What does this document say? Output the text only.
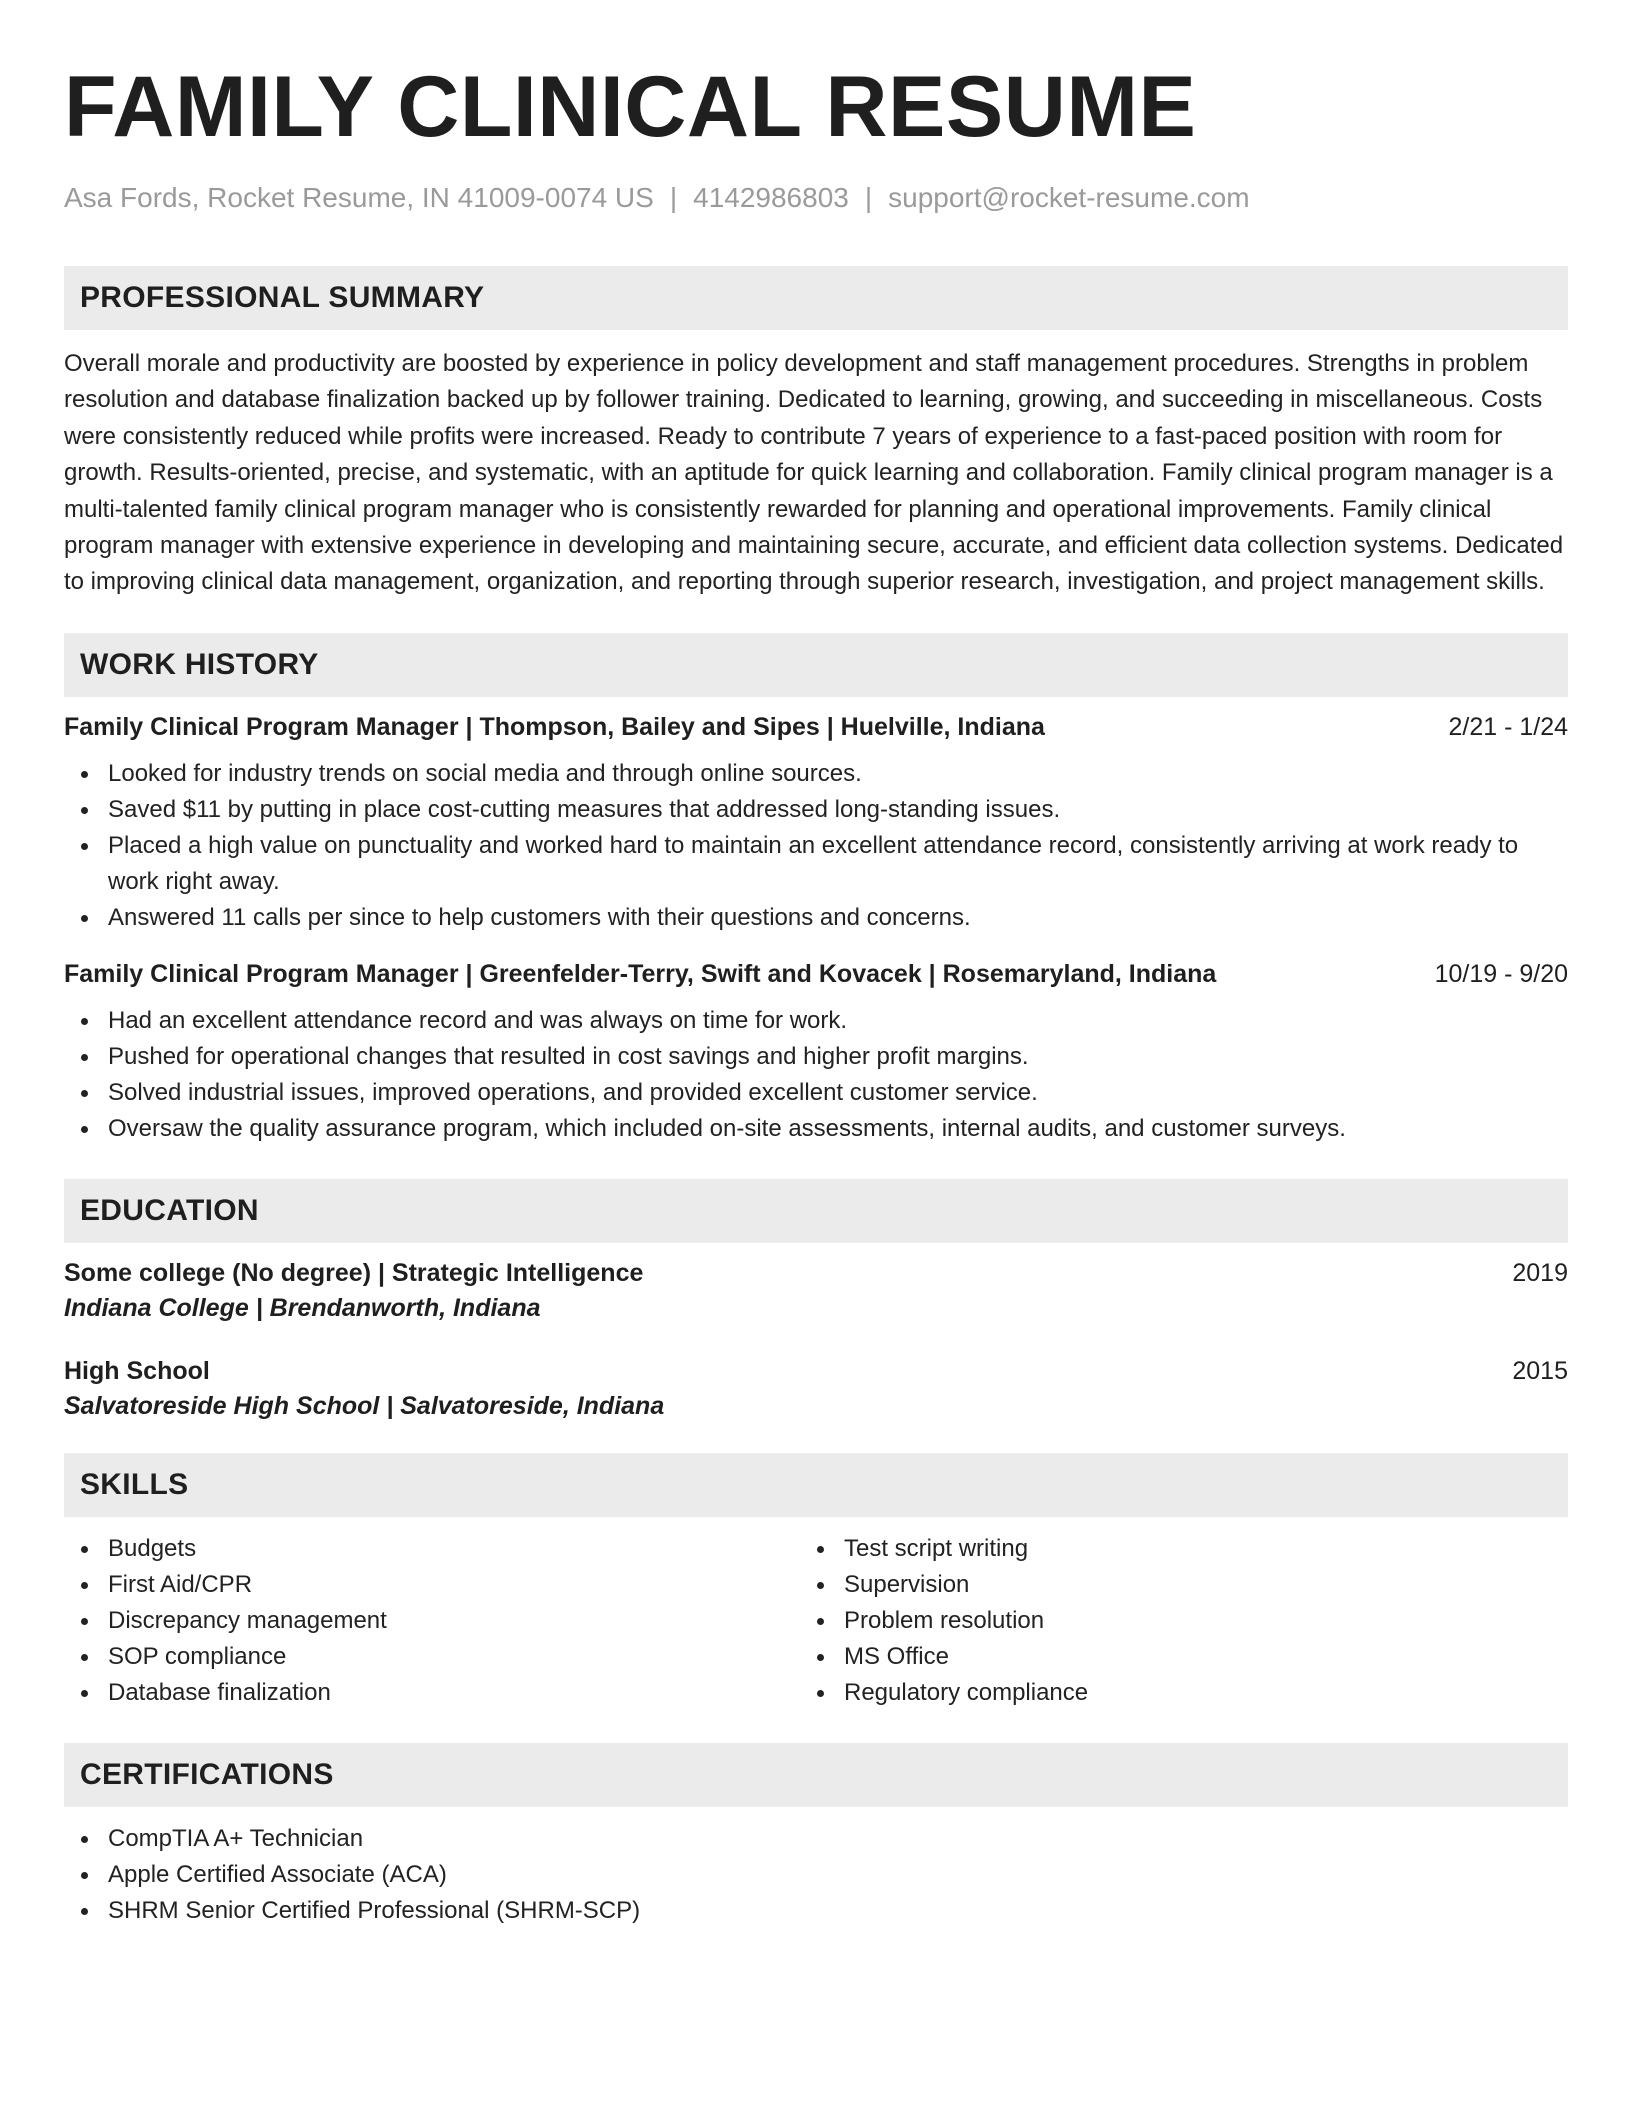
FAMILY CLINICAL RESUME
Asa Fords, Rocket Resume, IN 41009-0074 US | 4142986803 | support@rocket-resume.com
PROFESSIONAL SUMMARY

Overall morale and productivity are boosted by experience in policy development and staff management procedures. Strengths in problem resolution and database finalization backed up by follower training. Dedicated to learning, growing, and succeeding in miscellaneous. Costs were consistently reduced while profits were increased. Ready to contribute 7 years of experience to a fast-paced position with room for growth. Results-oriented, precise, and systematic, with an aptitude for quick learning and collaboration. Family clinical program manager is a multi-talented family clinical program manager who is consistently rewarded for planning and operational improvements. Family clinical program manager with extensive experience in developing and maintaining secure, accurate, and efficient data collection systems. Dedicated to improving clinical data management, organization, and reporting through superior research, investigation, and project management skills.

WORK HISTORY
Family Clinical Program Manager | Thompson, Bailey and Sipes | Huelville, Indiana	2/21 - 1/24
Looked for industry trends on social media and through online sources.
Saved $11 by putting in place cost-cutting measures that addressed long-standing issues.
Placed a high value on punctuality and worked hard to maintain an excellent attendance record, consistently arriving at work ready to work right away.
Answered 11 calls per since to help customers with their questions and concerns.
Family Clinical Program Manager | Greenfelder-Terry, Swift and Kovacek | Rosemaryland, Indiana	10/19 - 9/20
Had an excellent attendance record and was always on time for work.
Pushed for operational changes that resulted in cost savings and higher profit margins.
Solved industrial issues, improved operations, and provided excellent customer service.
Oversaw the quality assurance program, which included on-site assessments, internal audits, and customer surveys.
EDUCATION
Some college (No degree) | Strategic Intelligence	2019
Indiana College | Brendanworth, Indiana
High School	2015
Salvatoreside High School | Salvatoreside, Indiana
SKILLS
Budgets
First Aid/CPR
Discrepancy management
SOP compliance
Database finalization
Test script writing
Supervision
Problem resolution
MS Office
Regulatory compliance
CERTIFICATIONS
CompTIA A+ Technician
Apple Certified Associate (ACA)
SHRM Senior Certified Professional (SHRM-SCP)
